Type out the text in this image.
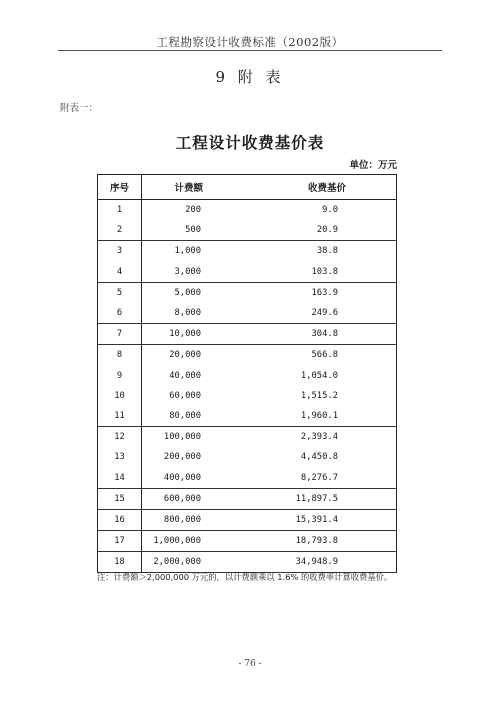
工程勘察设计收费标准（2002版）
9 附 表
附表一：
工程设计收费基价表
单位：万元
序号	计费额	收费基价
1	200	9.0
2	500	20.9
3	1,000	38.8
4	3,000	103.8
5	5,000	163.9
6	8,000	249.6
7	10,000	304.8
8	20,000	566.8
9	40,000	1,054.0
10	60,000	1,515.2
11	80,000	1,960.1
12	100,000	2,393.4
13	200,000	4,450.8
14	400,000	8,276.7
15	600,000	11,897.5
16	800,000	15,391.4
17	1,000,000	18,793.8
18	2,000,000	34,948.9
注：计费额＞2,000,000 万元的，以计费额乘以 1.6% 的收费率计算收费基价。
- 76 -
